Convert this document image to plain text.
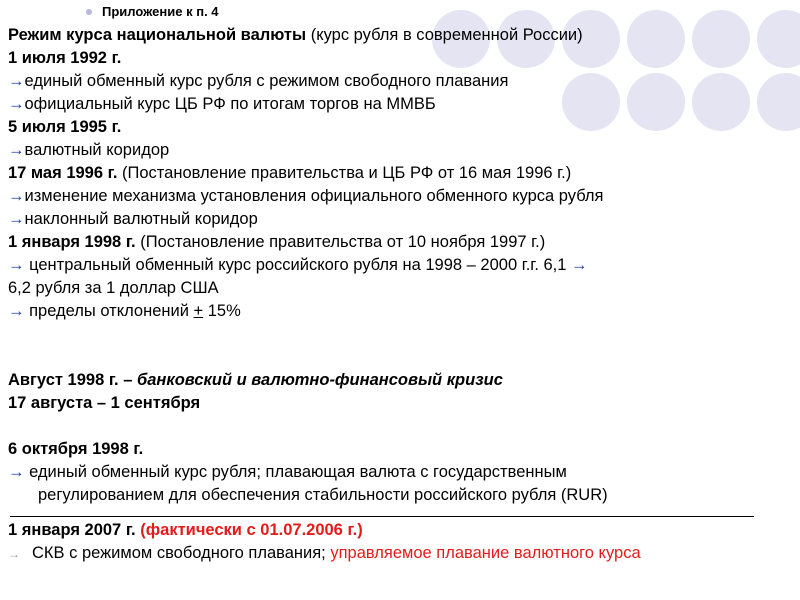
Приложение к п. 4
Режим курса национальной валюты (курс рубля в современной России)
1 июля 1992 г.
→единый обменный курс рубля с режимом свободного плавания
→официальный курс ЦБ РФ по итогам торгов на ММВБ
5 июля 1995 г.
→валютный коридор
17 мая 1996 г. (Постановление правительства и ЦБ РФ от 16 мая 1996 г.)
→изменение механизма установления официального обменного курса рубля
→наклонный валютный коридор
1 января 1998 г. (Постановление правительства от 10 ноября 1997 г.)
→ центральный обменный курс российского рубля на 1998 – 2000 г.г. 6,1 →
6,2 рубля за 1 доллар США
→ пределы отклонений + 15%
Август 1998 г. – банковский и валютно-финансовый кризис
17 августа – 1 сентября
6 октября 1998 г.
→ единый обменный курс рубля; плавающая валюта с государственным
регулированием для обеспечения стабильности российского рубля (RUR)
1 января 2007 г. (фактически с 01.07.2006 г.)
→ СКВ с режимом свободного плавания; управляемое плавание валютного курса
